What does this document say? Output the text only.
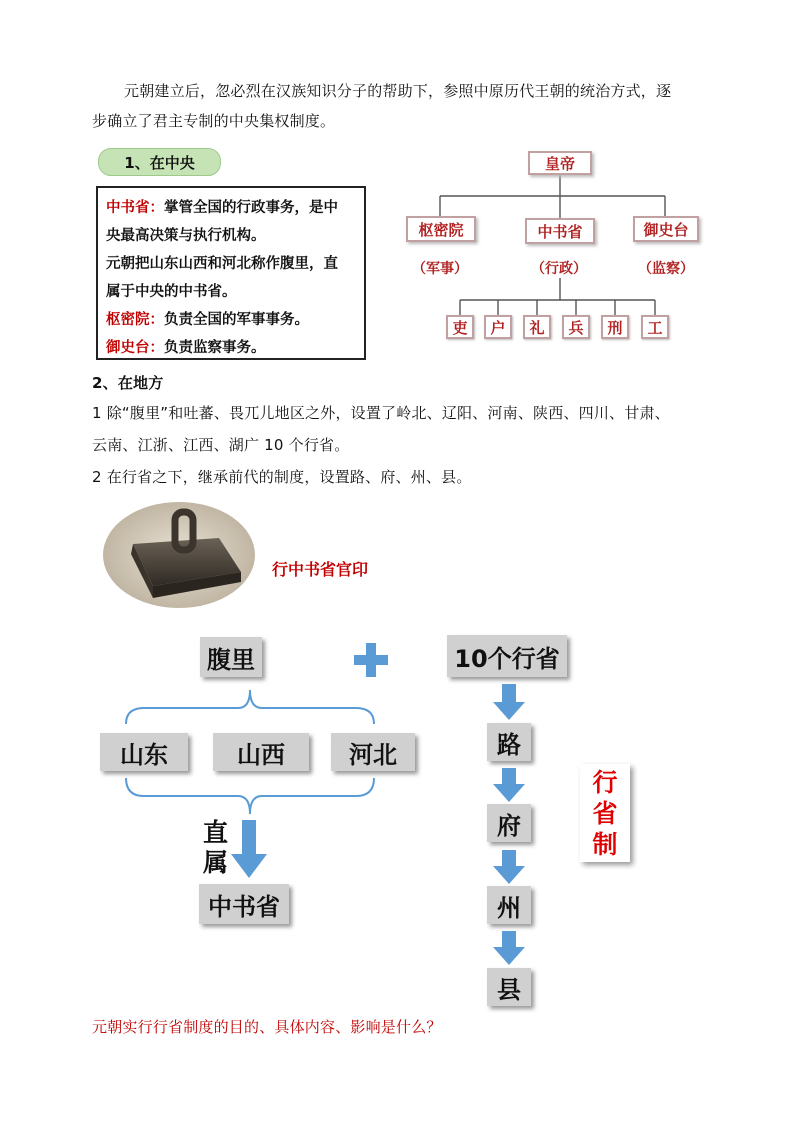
元朝建立后，忽必烈在汉族知识分子的帮助下，参照中原历代王朝的统治方式，逐
步确立了君主专制的中央集权制度。
1、在中央
中书省：掌管全国的行政事务，是中
央最高决策与执行机构。
元朝把山东山西和河北称作腹里，直
属于中央的中书省。
枢密院：负责全国的军事事务。
御史台：负责监察事务。
皇帝
枢密院	中书省	御史台
（军事）	（行政）	（监察）
吏	户	礼	兵	刑	工
2、在地方
1 除“腹里”和吐蕃、畏兀儿地区之外，设置了岭北、辽阳、河南、陕西、四川、甘肃、
云南、江浙、江西、湖广 10 个行省。
2 在行省之下，继承前代的制度，设置路、府、州、县。
行中书省官印
腹里
山东	山西	河北
直
属
中书省
10个行省
路
府
州
县
行
省
制
元朝实行行省制度的目的、具体内容、影响是什么？
